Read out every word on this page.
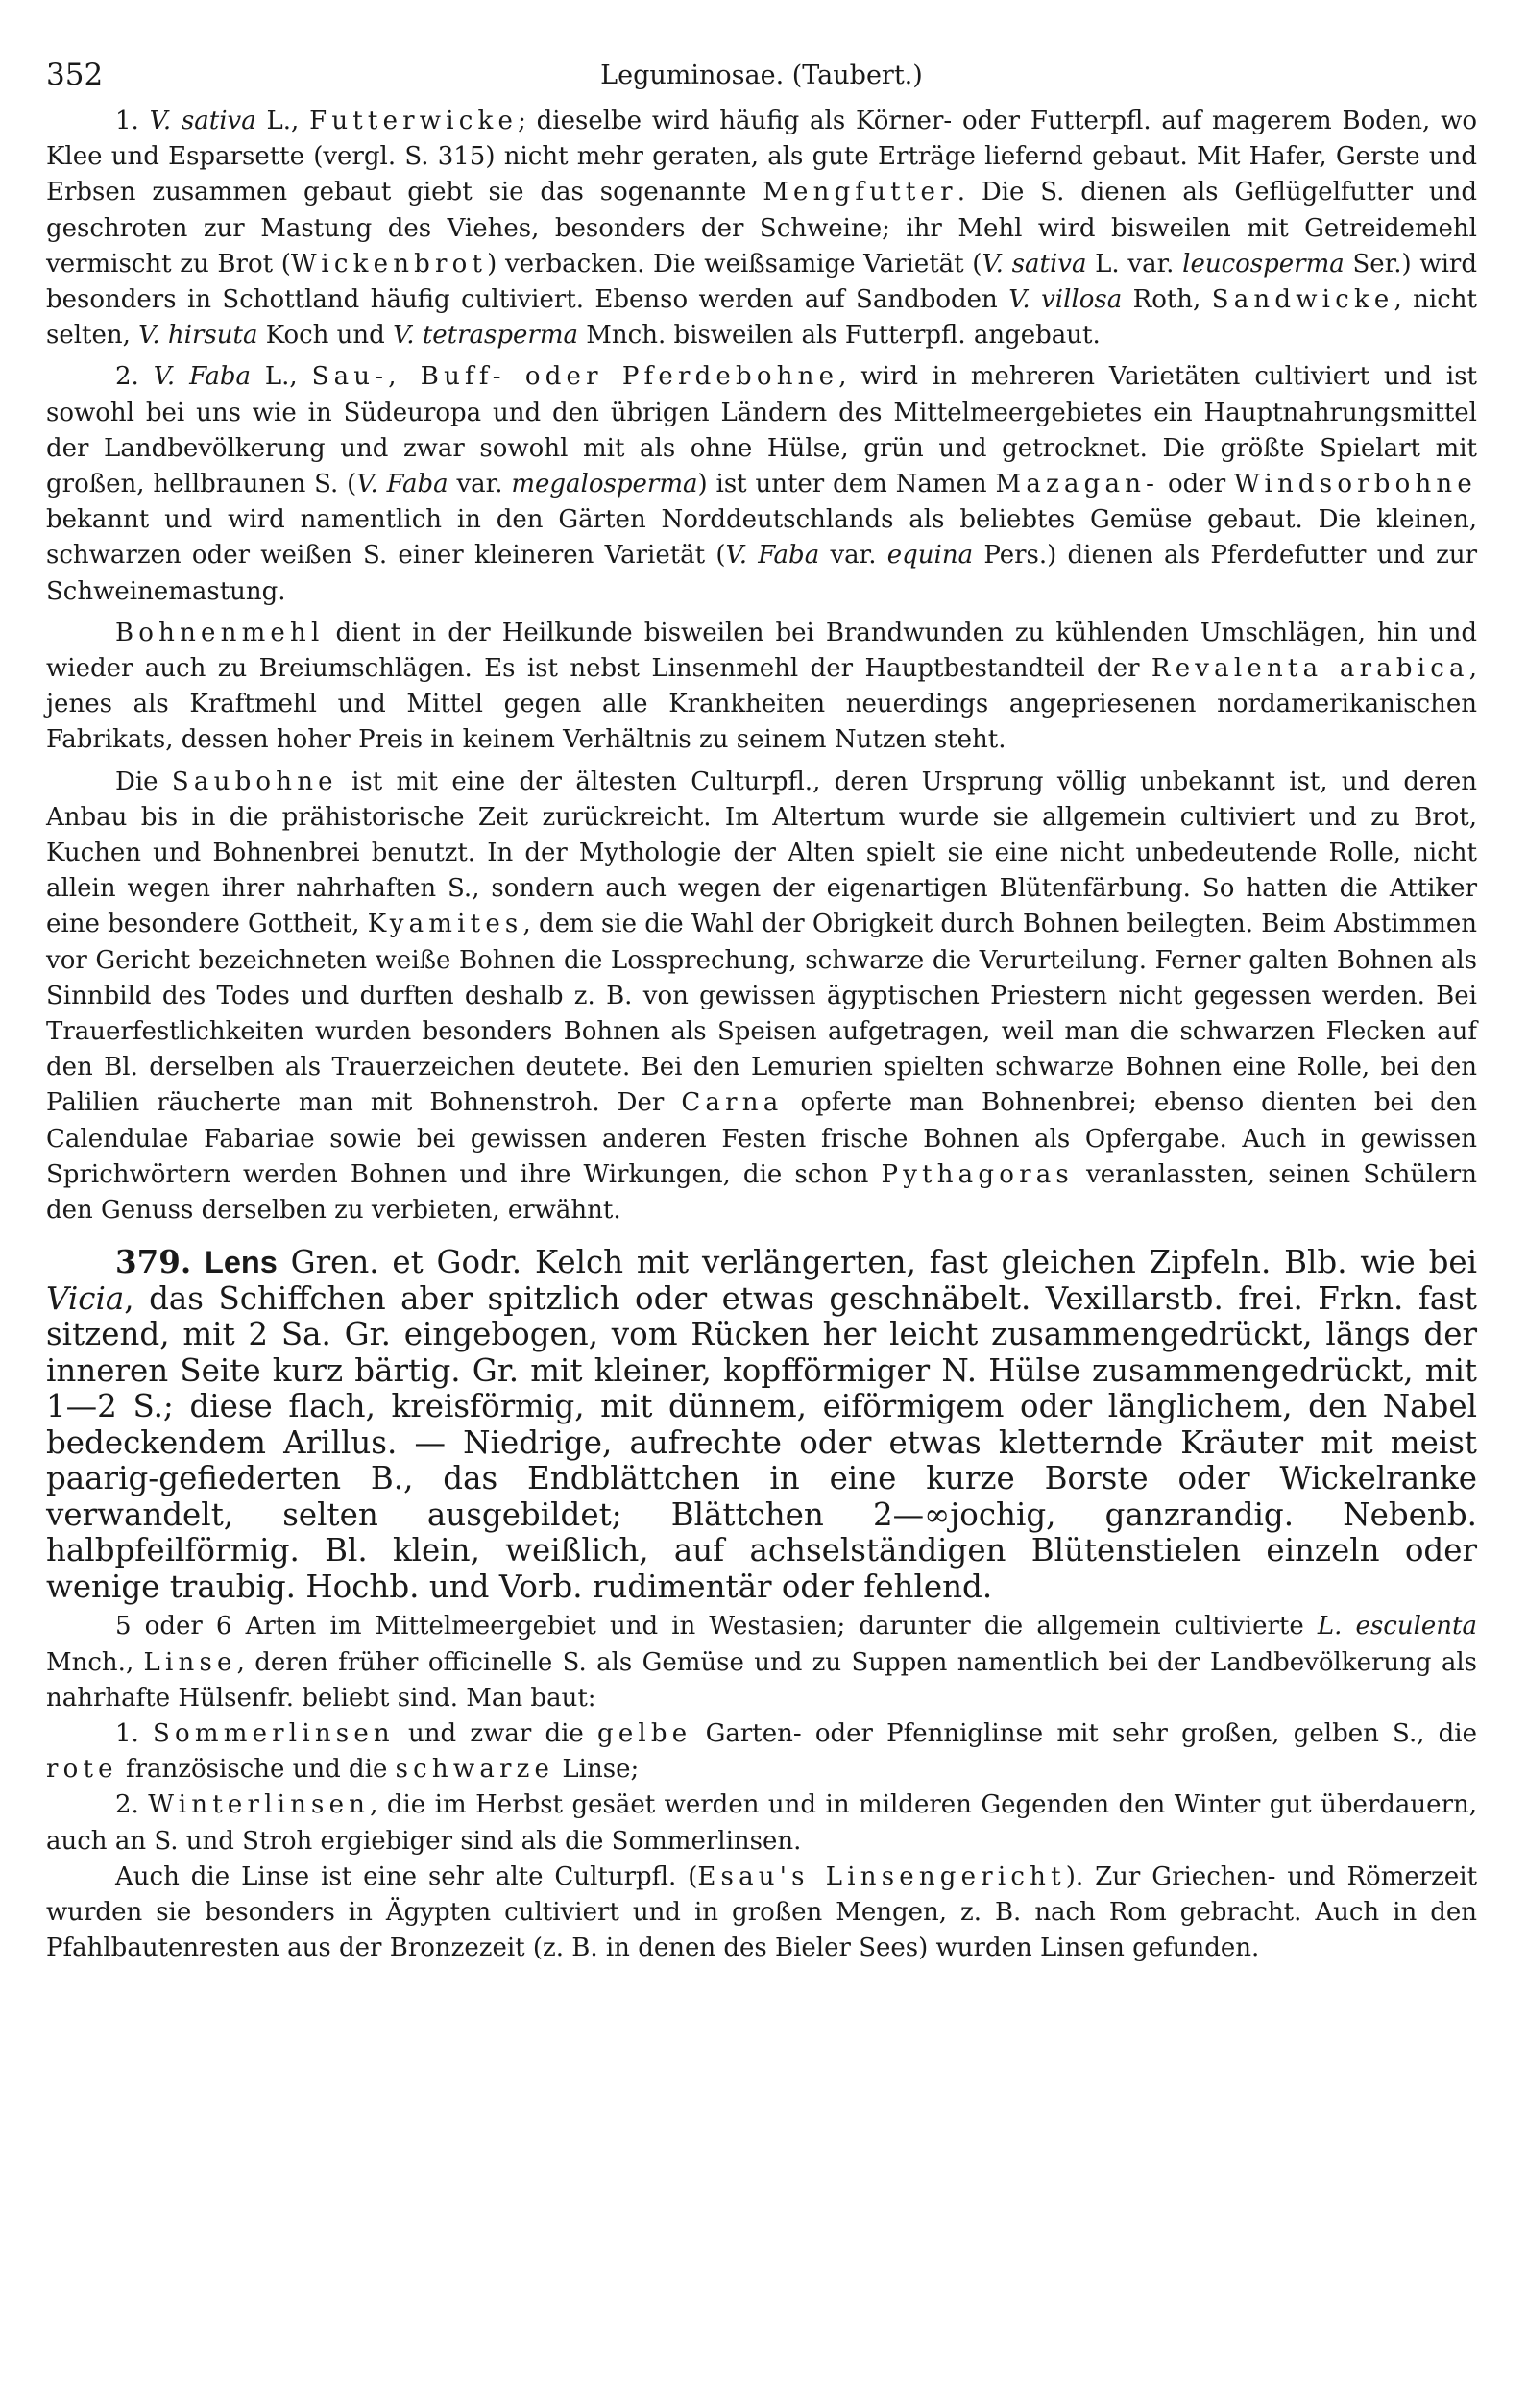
352	Leguminosae. (Taubert.)

1. V. sativa L., Futterwicke; dieselbe wird häufig als Körner- oder Futterpfl. auf magerem Boden, wo Klee und Esparsette (vergl. S. 315) nicht mehr geraten, als gute Erträge liefernd gebaut. Mit Hafer, Gerste und Erbsen zusammen gebaut giebt sie das sogenannte Mengfutter. Die S. dienen als Geflügelfutter und geschroten zur Mastung des Viehes, besonders der Schweine; ihr Mehl wird bisweilen mit Getreidemehl vermischt zu Brot (Wickenbrot) verbacken. Die weißsamige Varietät (V. sativa L. var. leucosperma Ser.) wird besonders in Schottland häufig cultiviert. Ebenso werden auf Sandboden V. villosa Roth, Sandwicke, nicht selten, V. hirsuta Koch und V. tetrasperma Mnch. bisweilen als Futterpfl. angebaut.

2. V. Faba L., Sau-, Buff- oder Pferdebohne, wird in mehreren Varietäten cultiviert und ist sowohl bei uns wie in Südeuropa und den übrigen Ländern des Mittelmeergebietes ein Hauptnahrungsmittel der Landbevölkerung und zwar sowohl mit als ohne Hülse, grün und getrocknet. Die größte Spielart mit großen, hellbraunen S. (V. Faba var. megalosperma) ist unter dem Namen Mazagan- oder Windsorbohne bekannt und wird namentlich in den Gärten Norddeutschlands als beliebtes Gemüse gebaut. Die kleinen, schwarzen oder weißen S. einer kleineren Varietät (V. Faba var. equina Pers.) dienen als Pferdefutter und zur Schweinemastung.

Bohnenmehl dient in der Heilkunde bisweilen bei Brandwunden zu kühlenden Umschlägen, hin und wieder auch zu Breiumschlägen. Es ist nebst Linsenmehl der Hauptbestandteil der Revalenta arabica, jenes als Kraftmehl und Mittel gegen alle Krankheiten neuerdings angepriesenen nordamerikanischen Fabrikats, dessen hoher Preis in keinem Verhältnis zu seinem Nutzen steht.

Die Saubohne ist mit eine der ältesten Culturpfl., deren Ursprung völlig unbekannt ist, und deren Anbau bis in die prähistorische Zeit zurückreicht. Im Altertum wurde sie allgemein cultiviert und zu Brot, Kuchen und Bohnenbrei benutzt. In der Mythologie der Alten spielt sie eine nicht unbedeutende Rolle, nicht allein wegen ihrer nahrhaften S., sondern auch wegen der eigenartigen Blütenfärbung. So hatten die Attiker eine besondere Gottheit, Kyamites, dem sie die Wahl der Obrigkeit durch Bohnen beilegten. Beim Abstimmen vor Gericht bezeichneten weiße Bohnen die Lossprechung, schwarze die Verurteilung. Ferner galten Bohnen als Sinnbild des Todes und durften deshalb z. B. von gewissen ägyptischen Priestern nicht gegessen werden. Bei Trauerfestlichkeiten wurden besonders Bohnen als Speisen aufgetragen, weil man die schwarzen Flecken auf den Bl. derselben als Trauerzeichen deutete. Bei den Lemurien spielten schwarze Bohnen eine Rolle, bei den Palilien räucherte man mit Bohnenstroh. Der Carna opferte man Bohnenbrei; ebenso dienten bei den Calendulae Fabariae sowie bei gewissen anderen Festen frische Bohnen als Opfergabe. Auch in gewissen Sprichwörtern werden Bohnen und ihre Wirkungen, die schon Pythagoras veranlassten, seinen Schülern den Genuss derselben zu verbieten, erwähnt.

379. Lens Gren. et Godr. Kelch mit verlängerten, fast gleichen Zipfeln. Blb. wie bei Vicia, das Schiffchen aber spitzlich oder etwas geschnäbelt. Vexillarstb. frei. Frkn. fast sitzend, mit 2 Sa. Gr. eingebogen, vom Rücken her leicht zusammengedrückt, längs der inneren Seite kurz bärtig. Gr. mit kleiner, kopfförmiger N. Hülse zusammengedrückt, mit 1—2 S.; diese flach, kreisförmig, mit dünnem, eiförmigem oder länglichem, den Nabel bedeckendem Arillus. — Niedrige, aufrechte oder etwas kletternde Kräuter mit meist paarig-gefiederten B., das Endblättchen in eine kurze Borste oder Wickelranke verwandelt, selten ausgebildet; Blättchen 2—∞jochig, ganzrandig. Nebenb. halbpfeilförmig. Bl. klein, weißlich, auf achselständigen Blütenstielen einzeln oder wenige traubig. Hochb. und Vorb. rudimentär oder fehlend.

5 oder 6 Arten im Mittelmeergebiet und in Westasien; darunter die allgemein cultivierte L. esculenta Mnch., Linse, deren früher officinelle S. als Gemüse und zu Suppen namentlich bei der Landbevölkerung als nahrhafte Hülsenfr. beliebt sind. Man baut:

1. Sommerlinsen und zwar die gelbe Garten- oder Pfenniglinse mit sehr großen, gelben S., die rote französische und die schwarze Linse;

2. Winterlinsen, die im Herbst gesäet werden und in milderen Gegenden den Winter gut überdauern, auch an S. und Stroh ergiebiger sind als die Sommerlinsen.

Auch die Linse ist eine sehr alte Culturpfl. (Esau's Linsengericht). Zur Griechen- und Römerzeit wurden sie besonders in Ägypten cultiviert und in großen Mengen, z. B. nach Rom gebracht. Auch in den Pfahlbautenresten aus der Bronzezeit (z. B. in denen des Bieler Sees) wurden Linsen gefunden.
